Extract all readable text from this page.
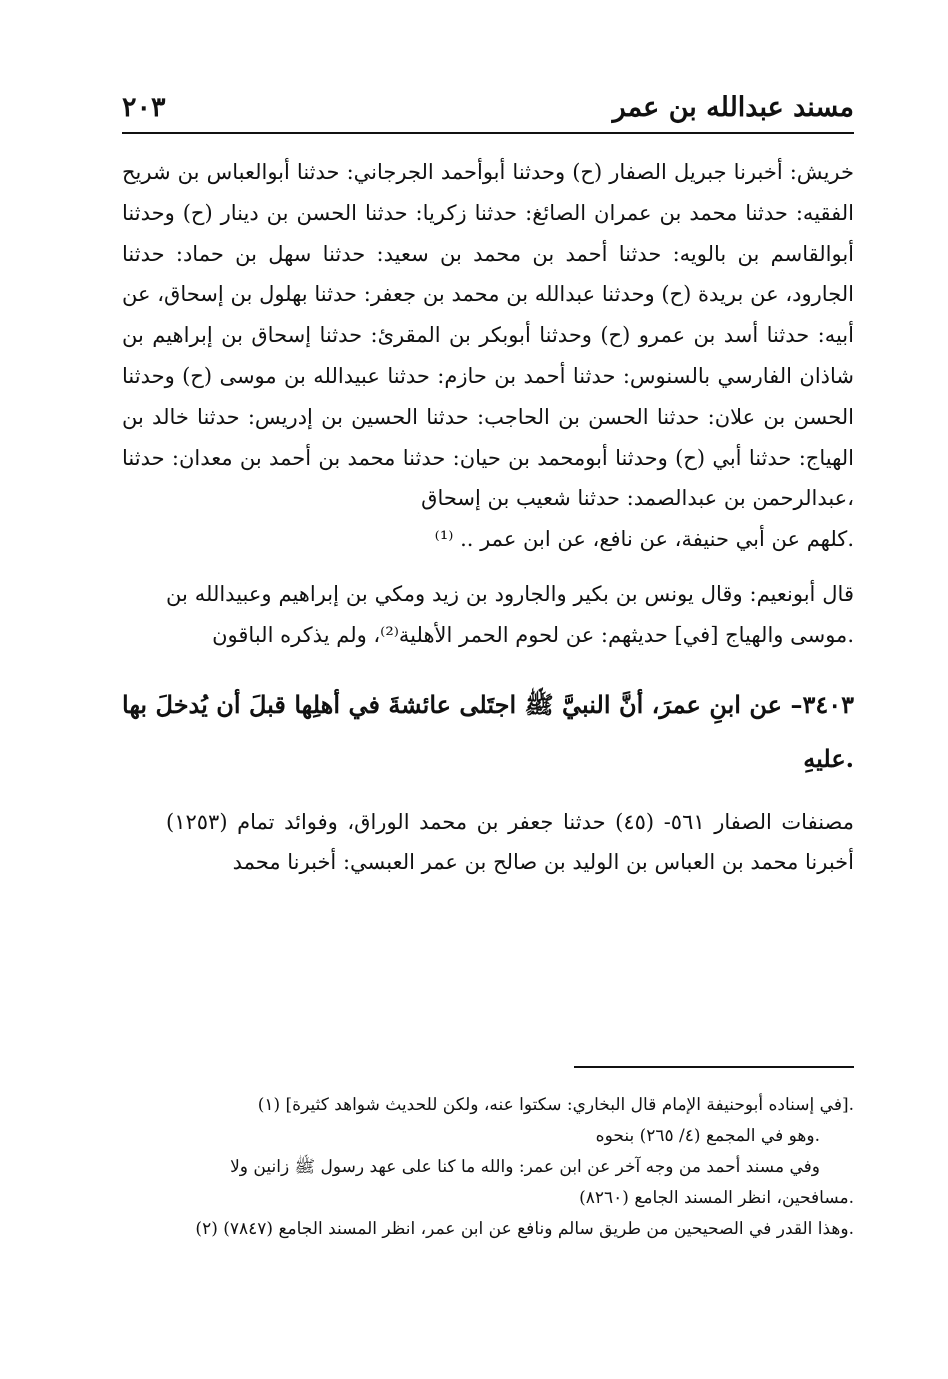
مسند عبدالله بن عمر
٢٠٣

خريش: أخبرنا جبريل الصفار (ح) وحدثنا أبوأحمد الجرجاني: حدثنا أبوالعباس بن شريح الفقيه: حدثنا محمد بن عمران الصائغ: حدثنا زكريا: حدثنا الحسن بن دينار (ح) وحدثنا أبوالقاسم بن بالويه: حدثنا أحمد بن محمد بن سعيد: حدثنا سهل بن حماد: حدثنا الجارود، عن بريدة (ح) وحدثنا عبدالله بن محمد بن جعفر: حدثنا بهلول بن إسحاق، عن أبيه: حدثنا أسد بن عمرو (ح) وحدثنا أبوبكر بن المقرئ: حدثنا إسحاق بن إبراهيم بن شاذان الفارسي بالسنوس: حدثنا أحمد بن حازم: حدثنا عبيدالله بن موسى (ح) وحدثنا الحسن بن علان: حدثنا الحسن بن الحاجب: حدثنا الحسين بن إدريس: حدثنا خالد بن الهياج: حدثنا أبي (ح) وحدثنا أبومحمد بن حيان: حدثنا محمد بن أحمد بن معدان: حدثنا عبدالرحمن بن عبدالصمد: حدثنا شعيب بن إسحاق،

كلهم عن أبي حنيفة، عن نافع، عن ابن عمر .. ⁽¹⁾.

قال أبونعيم: وقال يونس بن بكير والجارود بن زيد ومكي بن إبراهيم وعبيدالله بن موسى والهياج [في] حديثهم: عن لحوم الحمر الأهلية⁽²⁾، ولم يذكره الباقون.

٣٤٠٣– عن ابنِ عمرَ، أنَّ النبيَّ ﷺ اجتَلى عائشةَ في أهلِها قبلَ أن يُدخلَ بها عليهِ.

مصنفات الصفار ٥٦١- (٤٥) حدثنا جعفر بن محمد الوراق، وفوائد تمام (١٢٥٣) أخبرنا محمد بن العباس بن الوليد بن صالح بن عمر العبسي: أخبرنا محمد

(١) [في إسناده أبوحنيفة الإمام قال البخاري: سكتوا عنه، ولكن للحديث شواهد كثيرة].

وهو في المجمع (٤/ ٢٦٥) بنحوه.

وفي مسند أحمد من وجه آخر عن ابن عمر: والله ما كنا على عهد رسول ﷺ زانين ولا

مسافحين، انظر المسند الجامع (٨٢٦٠).

(٢) وهذا القدر في الصحيحين من طريق سالم ونافع عن ابن عمر، انظر المسند الجامع (٧٨٤٧).
